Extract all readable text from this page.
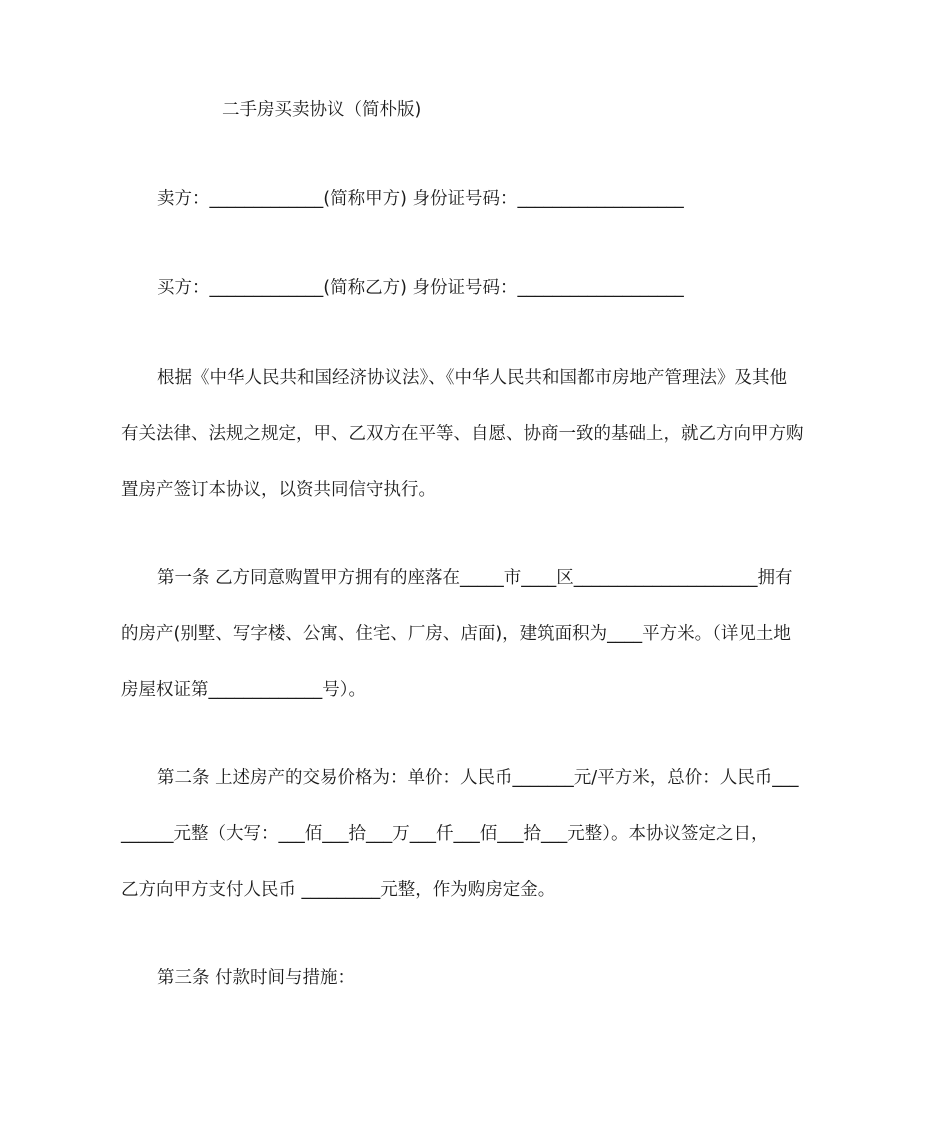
二手房买卖协议（简朴版)
卖方：_____________(简称甲方) 身份证号码：___________________
买方：_____________(简称乙方) 身份证号码：___________________
根据《中华人民共和国经济协议法》、《中华人民共和国都市房地产管理法》及其他
有关法律、法规之规定，甲、乙双方在平等、自愿、协商一致的基础上，就乙方向甲方购
置房产签订本协议，以资共同信守执行。
第一条 乙方同意购置甲方拥有的座落在_____市____区_____________________拥有
的房产(别墅、写字楼、公寓、住宅、厂房、店面)，建筑面积为____平方米。（详见土地
房屋权证第_____________号）。
第二条 上述房产的交易价格为：单价：人民币_______元/平方米，总价：人民币___
______元整（大写：___佰___拾___万___仟___佰___拾___元整）。本协议签定之日，
乙方向甲方支付人民币 _________元整，作为购房定金。
第三条 付款时间与措施：
